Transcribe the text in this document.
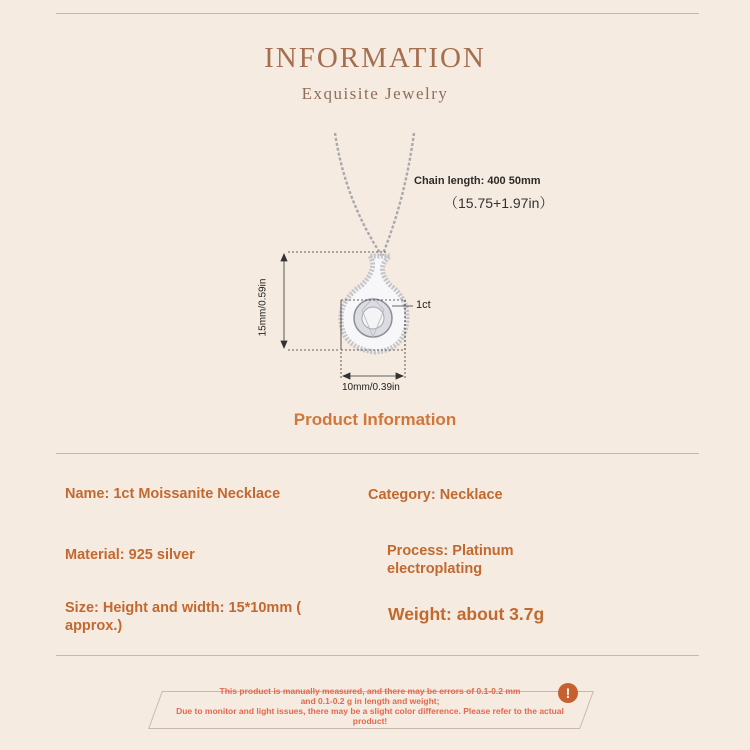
INFORMATION
Exquisite Jewelry
Chain length: 400 50mm
（15.75+1.97in）
1ct
15mm/0.59in
10mm/0.39in
Product Information
Name: 1ct Moissanite Necklace	Category: Necklace
Material: 925 silver	Process: Platinum
electroplating
Size: Height and width: 15*10mm (
approx.)
Weight: about 3.7g
This product is manually measured, and there may be errors of 0.1-0.2 mm
and 0.1-0.2 g in length and weight;
Due to monitor and light issues, there may be a slight color difference. Please refer to the actual
product!
!
